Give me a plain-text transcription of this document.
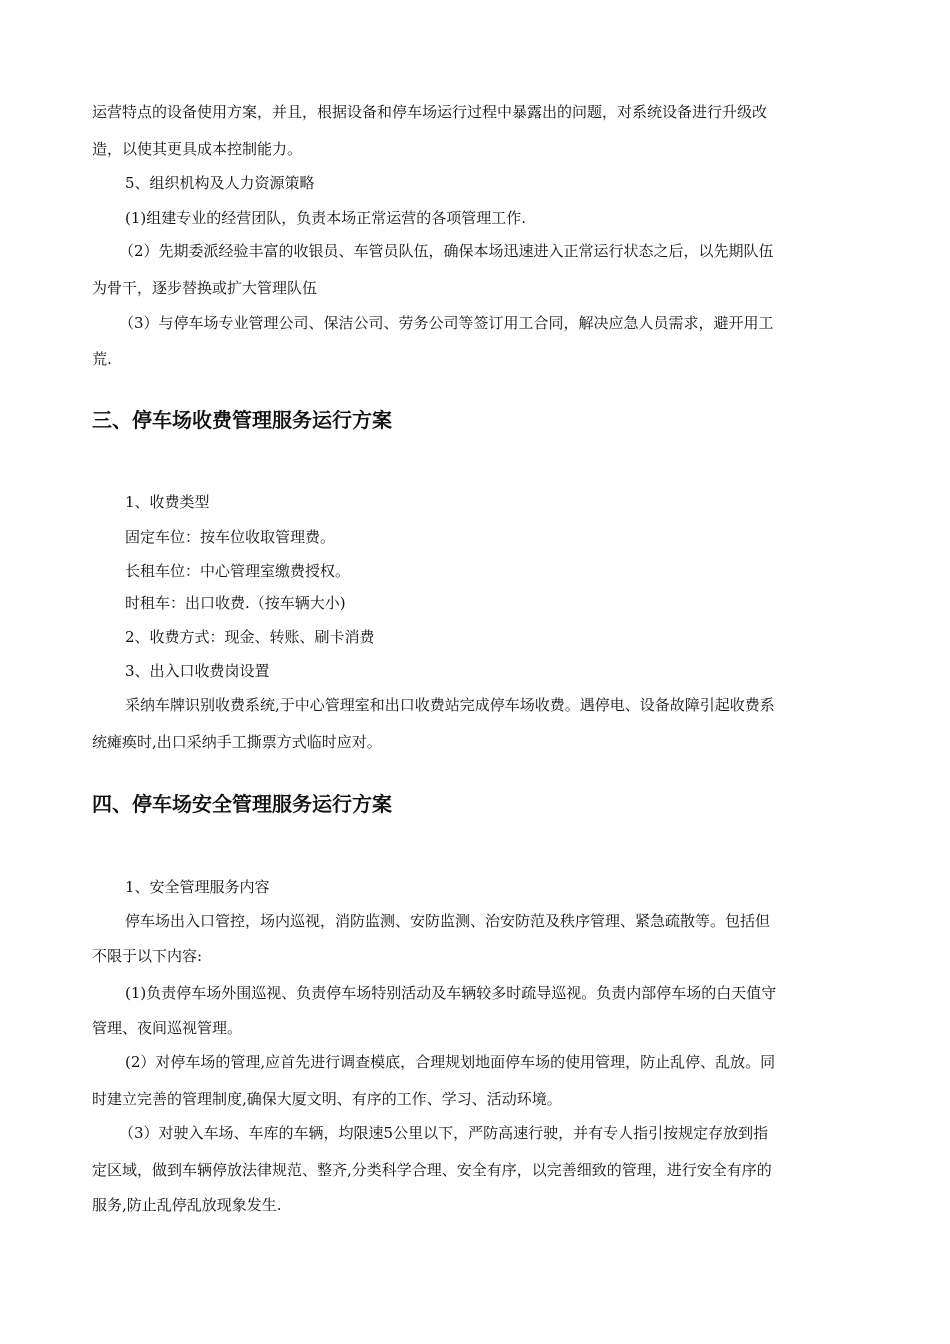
运营特点的设备使用方案，并且，根据设备和停车场运行过程中暴露出的问题，对系统设备进行升级改
造，以使其更具成本控制能力。
5、组织机构及人力资源策略
(1)组建专业的经营团队，负责本场正常运营的各项管理工作.
（2）先期委派经验丰富的收银员、车管员队伍，确保本场迅速进入正常运行状态之后，以先期队伍
为骨干，逐步替换或扩大管理队伍
（3）与停车场专业管理公司、保洁公司、劳务公司等签订用工合同，解决应急人员需求，避开用工
荒.
三、停车场收费管理服务运行方案
1、收费类型
固定车位：按车位收取管理费。
长租车位：中心管理室缴费授权。
时租车：出口收费.（按车辆大小)
2、收费方式：现金、转账、刷卡消费
3、出入口收费岗设置
采纳车牌识别收费系统,于中心管理室和出口收费站完成停车场收费。遇停电、设备故障引起收费系
统瘫痪时,出口采纳手工撕票方式临时应对。
四、停车场安全管理服务运行方案
1、安全管理服务内容
停车场出入口管控，场内巡视，消防监测、安防监测、治安防范及秩序管理、紧急疏散等。包括但
不限于以下内容:
(1)负责停车场外围巡视、负责停车场特别活动及车辆较多时疏导巡视。负责内部停车场的白天值守
管理、夜间巡视管理。
(2）对停车场的管理,应首先进行调查模底，合理规划地面停车场的使用管理，防止乱停、乱放。同
时建立完善的管理制度,确保大厦文明、有序的工作、学习、活动环境。
（3）对驶入车场、车库的车辆，均限速5公里以下，严防高速行驶，并有专人指引按规定存放到指
定区域，做到车辆停放法律规范、整齐,分类科学合理、安全有序，以完善细致的管理，进行安全有序的
服务,防止乱停乱放现象发生.
